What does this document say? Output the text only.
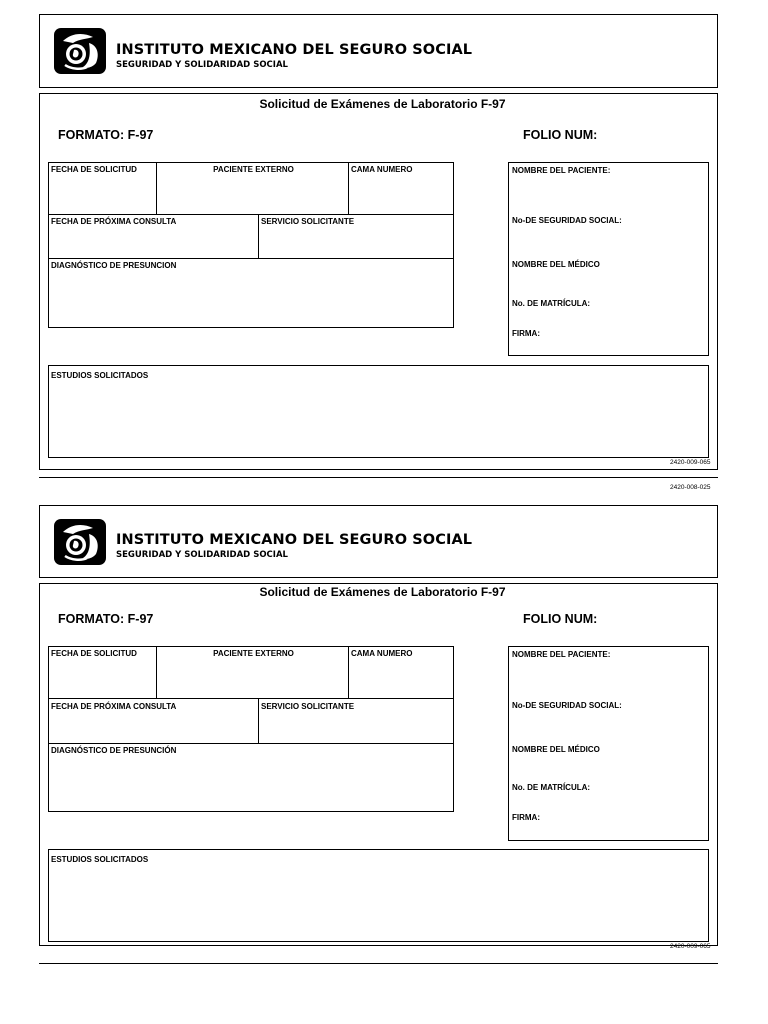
INSTITUTO MEXICANO DEL SEGURO SOCIAL
SEGURIDAD Y SOLIDARIDAD SOCIAL
Solicitud de Exámenes de Laboratorio F-97
FORMATO: F-97	FOLIO NUM:
FECHA DE SOLICITUD	PACIENTE EXTERNO	CAMA NUMERO
FECHA DE PRÓXIMA CONSULTA	SERVICIO SOLICITANTE
DIAGNÓSTICO DE PRESUNCION
NOMBRE DEL PACIENTE:
No-DE SEGURIDAD SOCIAL:
NOMBRE DEL MÉDICO
No. DE MATRÍCULA:
FIRMA:
ESTUDIOS SOLICITADOS
2420-009-065
2420-008-025
INSTITUTO MEXICANO DEL SEGURO SOCIAL
SEGURIDAD Y SOLIDARIDAD SOCIAL
Solicitud de Exámenes de Laboratorio F-97
FORMATO: F-97	FOLIO NUM:
FECHA DE SOLICITUD	PACIENTE EXTERNO	CAMA NUMERO
FECHA DE PRÓXIMA CONSULTA	SERVICIO SOLICITANTE
DIAGNÓSTICO DE PRESUNCIÓN
NOMBRE DEL PACIENTE:
No-DE SEGURIDAD SOCIAL:
NOMBRE DEL MÉDICO
No. DE MATRÍCULA:
FIRMA:
ESTUDIOS SOLICITADOS
2420-009-065
